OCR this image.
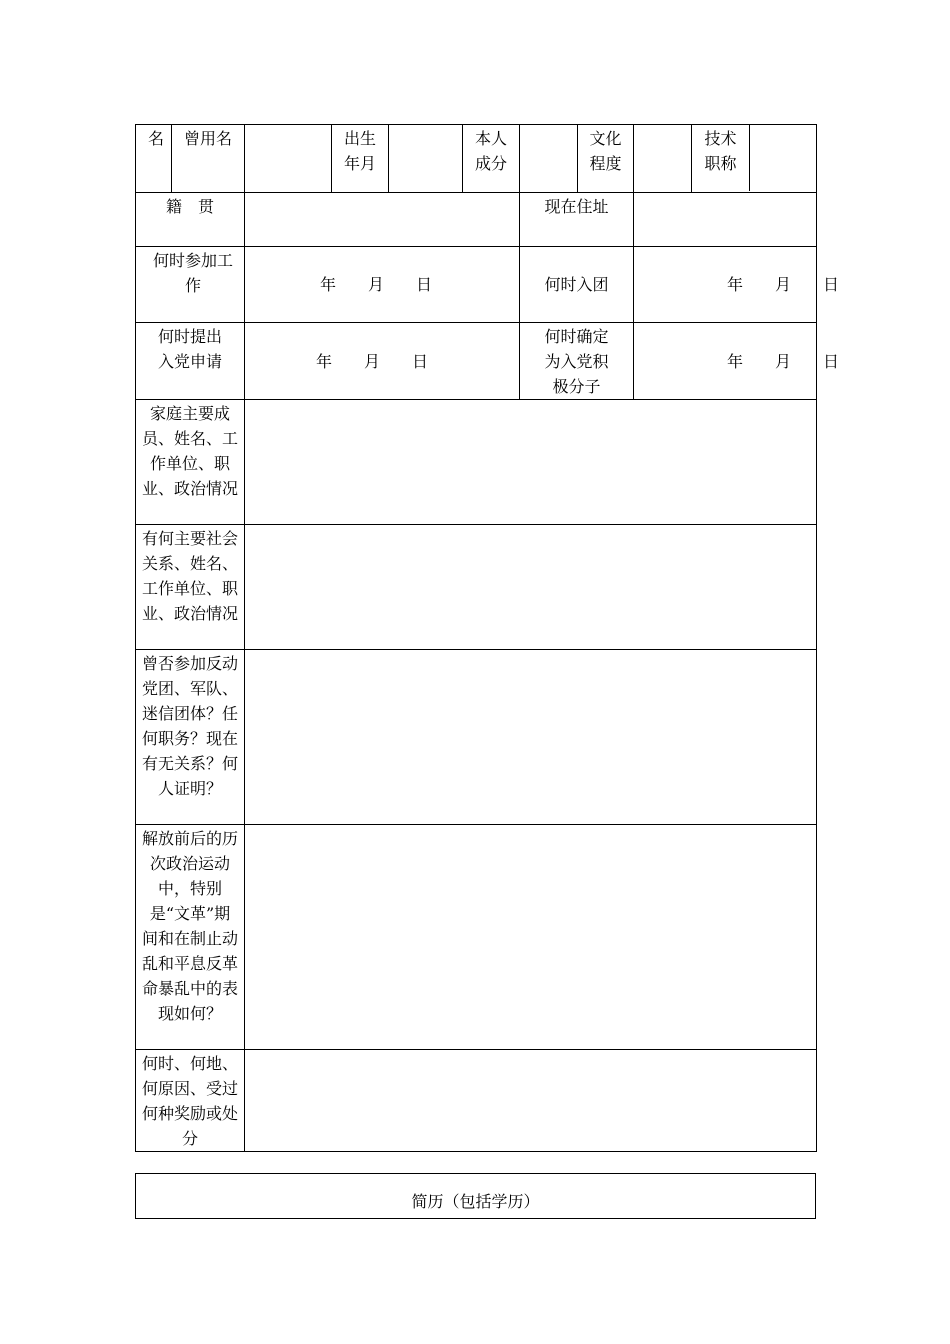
名	曾用名		出生年月		本人成分		文化程度		技术职称

籍　贯						现在住址			
何时参加工作		年　　月　　日				何时入团		年　　月　　日	
何时提出入党申请		年　　月　　日				何时确定为入党积极分子		年　　月　　日	
家庭主要成员、姓名、工作单位、职业、政治情况									
有何主要社会关系、姓名、工作单位、职业、政治情况									
曾否参加反动党团、军队、迷信团体？任何职务？现在有无关系？何人证明？									
解放前后的历次政治运动中，特别是“文革”期间和在制止动乱和平息反革命暴乱中的表现如何？									
何时、何地、何原因、受过何种奖励或处分									
简历（包括学历）
